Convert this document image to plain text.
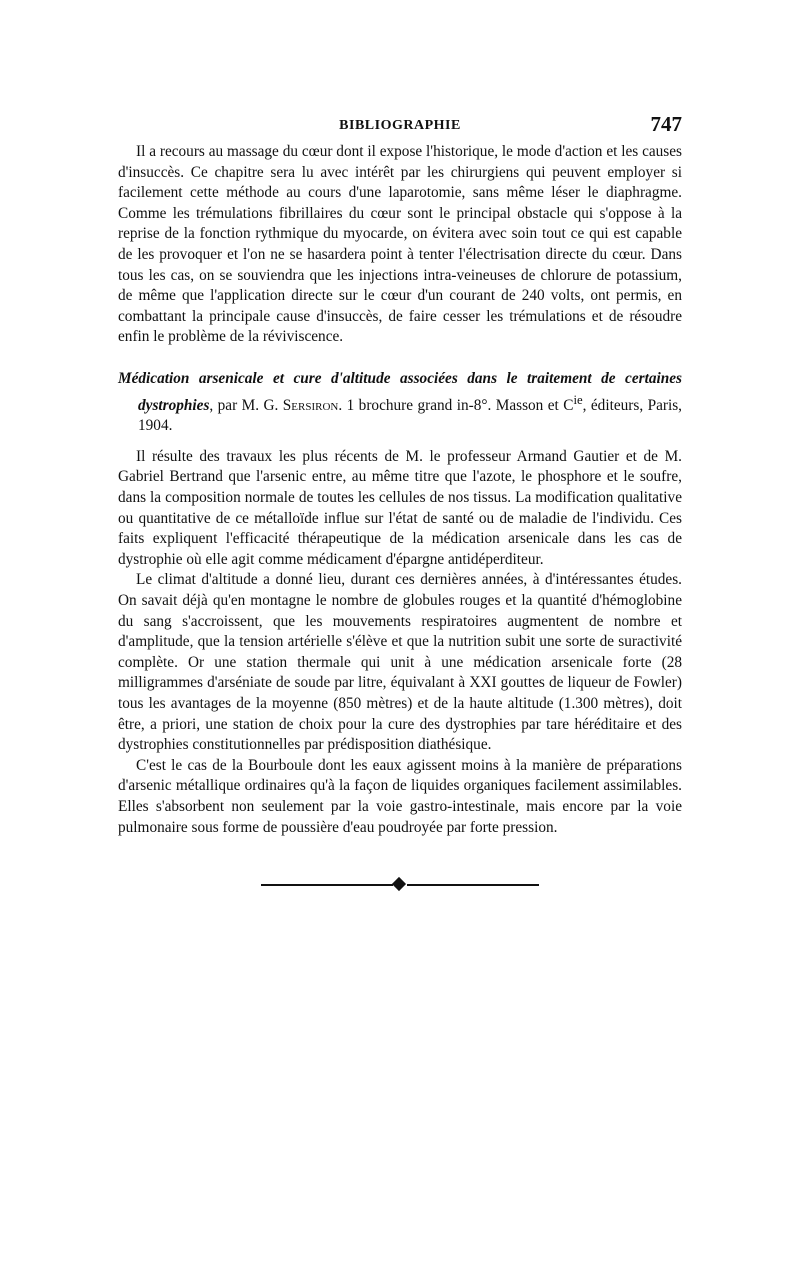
BIBLIOGRAPHIE	747

Il a recours au massage du cœur dont il expose l'historique, le mode d'action et les causes d'insuccès. Ce chapitre sera lu avec intérêt par les chirurgiens qui peuvent employer si facilement cette méthode au cours d'une laparotomie, sans même léser le diaphragme. Comme les trémulations fibrillaires du cœur sont le principal obstacle qui s'oppose à la reprise de la fonction rythmique du myocarde, on évitera avec soin tout ce qui est capable de les provoquer et l'on ne se hasardera point à tenter l'électrisation directe du cœur. Dans tous les cas, on se souviendra que les injections intra-veineuses de chlorure de potassium, de même que l'application directe sur le cœur d'un courant de 240 volts, ont permis, en combattant la principale cause d'insuccès, de faire cesser les trémulations et de résoudre enfin le problème de la réviviscence.

Médication arsenicale et cure d'altitude associées dans le traitement de certaines dystrophies, par M. G. Sersiron. 1 brochure grand in-8°. Masson et $C^{ie}$, éditeurs, Paris, 1904.

Il résulte des travaux les plus récents de M. le professeur Armand Gautier et de M. Gabriel Bertrand que l'arsenic entre, au même titre que l'azote, le phosphore et le soufre, dans la composition normale de toutes les cellules de nos tissus. La modification qualitative ou quantitative de ce métalloïde influe sur l'état de santé ou de maladie de l'individu. Ces faits expliquent l'efficacité thérapeutique de la médication arsenicale dans les cas de dystrophie où elle agit comme médicament d'épargne antidéperditeur.

Le climat d'altitude a donné lieu, durant ces dernières années, à d'intéressantes études. On savait déjà qu'en montagne le nombre de globules rouges et la quantité d'hémoglobine du sang s'accroissent, que les mouvements respiratoires augmentent de nombre et d'amplitude, que la tension artérielle s'élève et que la nutrition subit une sorte de suractivité complète. Or une station thermale qui unit à une médication arsenicale forte (28 milligrammes d'arséniate de soude par litre, équivalant à XXI gouttes de liqueur de Fowler) tous les avantages de la moyenne (850 mètres) et de la haute altitude (1.300 mètres), doit être, a priori, une station de choix pour la cure des dystrophies par tare héréditaire et des dystrophies constitutionnelles par prédisposition diathésique.

C'est le cas de la Bourboule dont les eaux agissent moins à la manière de préparations d'arsenic métallique ordinaires qu'à la façon de liquides organiques facilement assimilables. Elles s'absorbent non seulement par la voie gastro-intestinale, mais encore par la voie pulmonaire sous forme de poussière d'eau poudroyée par forte pression.
